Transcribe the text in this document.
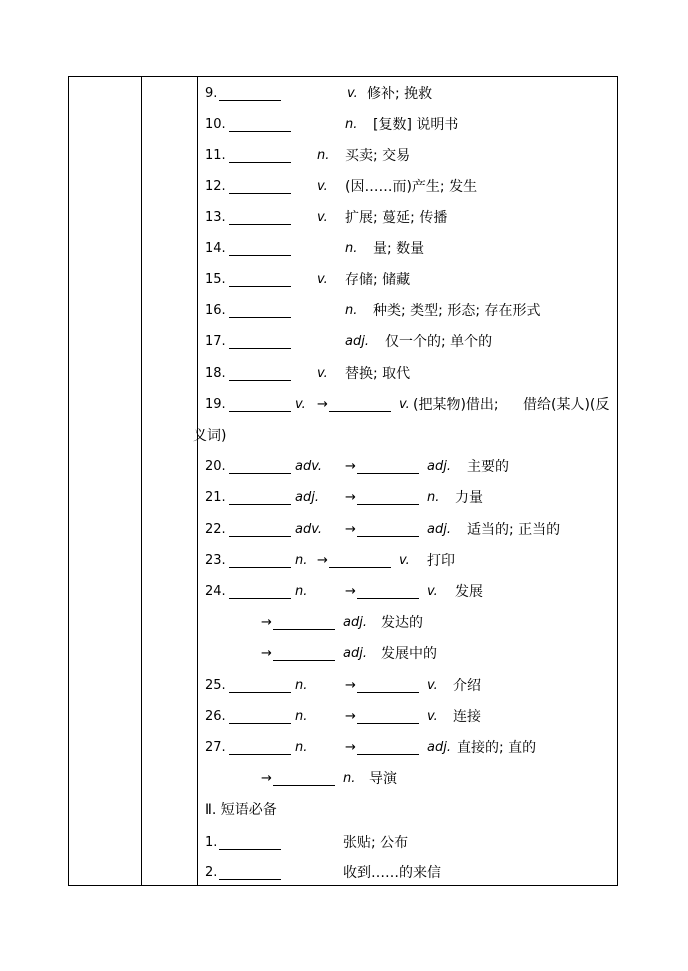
9.	v. 修补; 挽救
10.	n. [复数] 说明书
11.	n. 买卖; 交易
12.	v. (因……而)产生; 发生
13.	v. 扩展; 蔓延; 传播
14.	n. 量; 数量
15.	v. 存储; 储藏
16.	n. 种类; 类型; 形态; 存在形式
17.	adj. 仅一个的; 单个的
18.	v. 替换; 取代
19.	v. →	v. (把某物)借出; 借给(某人)(反
义词)
20.	adv. →	adj. 主要的
21.	adj. →	n. 力量
22.	adv. →	adj. 适当的; 正当的
23.	n. →	v. 打印
24.	n.	→	v. 发展
→	adj. 发达的
→	adj. 发展中的
25.	n.	→	v. 介绍
26.	n.	→	v. 连接
27.	n.	→	adj. 直接的; 直的
→	n. 导演
Ⅱ. 短语必备
1.	张贴; 公布
2.	收到……的来信
